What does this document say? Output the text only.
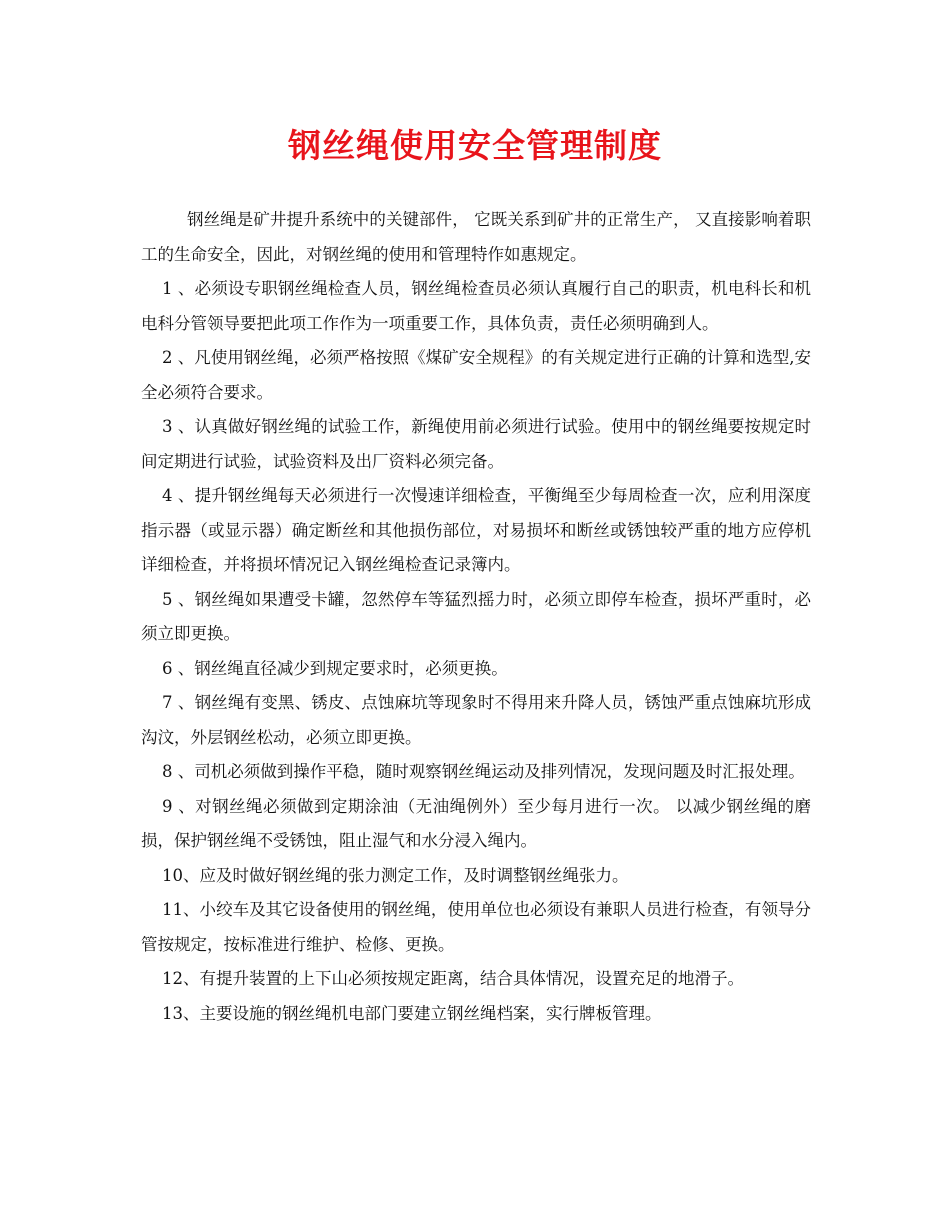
钢丝绳使用安全管理制度

钢丝绳是矿井提升系统中的关键部件， 它既关系到矿井的正常生产， 又直接影响着职工的生命安全，因此，对钢丝绳的使用和管理特作如惠规定。

1 、必须设专职钢丝绳检查人员，钢丝绳检查员必须认真履行自己的职责，机电科长和机电科分管领导要把此项工作作为一项重要工作，具体负责，责任必须明确到人。

2 、凡使用钢丝绳，必须严格按照《煤矿安全规程》的有关规定进行正确的计算和选型,安全必须符合要求。

3 、认真做好钢丝绳的试验工作，新绳使用前必须进行试验。使用中的钢丝绳要按规定时间定期进行试验，试验资料及出厂资料必须完备。

4 、提升钢丝绳每天必须进行一次慢速详细检查，平衡绳至少每周检查一次，应利用深度指示器（或显示器）确定断丝和其他损伤部位，对易损坏和断丝或锈蚀较严重的地方应停机详细检查，并将损坏情况记入钢丝绳检查记录簿内。

5 、钢丝绳如果遭受卡罐，忽然停车等猛烈摇力时，必须立即停车检查，损坏严重时，必须立即更换。

6 、钢丝绳直径减少到规定要求时，必须更换。

7 、钢丝绳有变黑、锈皮、点蚀麻坑等现象时不得用来升降人员，锈蚀严重点蚀麻坑形成沟汶，外层钢丝松动，必须立即更换。

8 、司机必须做到操作平稳，随时观察钢丝绳运动及排列情况，发现问题及时汇报处理。

9 、对钢丝绳必须做到定期涂油（无油绳例外）至少每月进行一次。 以减少钢丝绳的磨损，保护钢丝绳不受锈蚀，阻止湿气和水分浸入绳内。

10、应及时做好钢丝绳的张力测定工作，及时调整钢丝绳张力。

11、小绞车及其它设备使用的钢丝绳，使用单位也必须设有兼职人员进行检查，有领导分管按规定，按标准进行维护、检修、更换。

12、有提升装置的上下山必须按规定距离，结合具体情况，设置充足的地滑子。

13、主要设施的钢丝绳机电部门要建立钢丝绳档案，实行牌板管理。
